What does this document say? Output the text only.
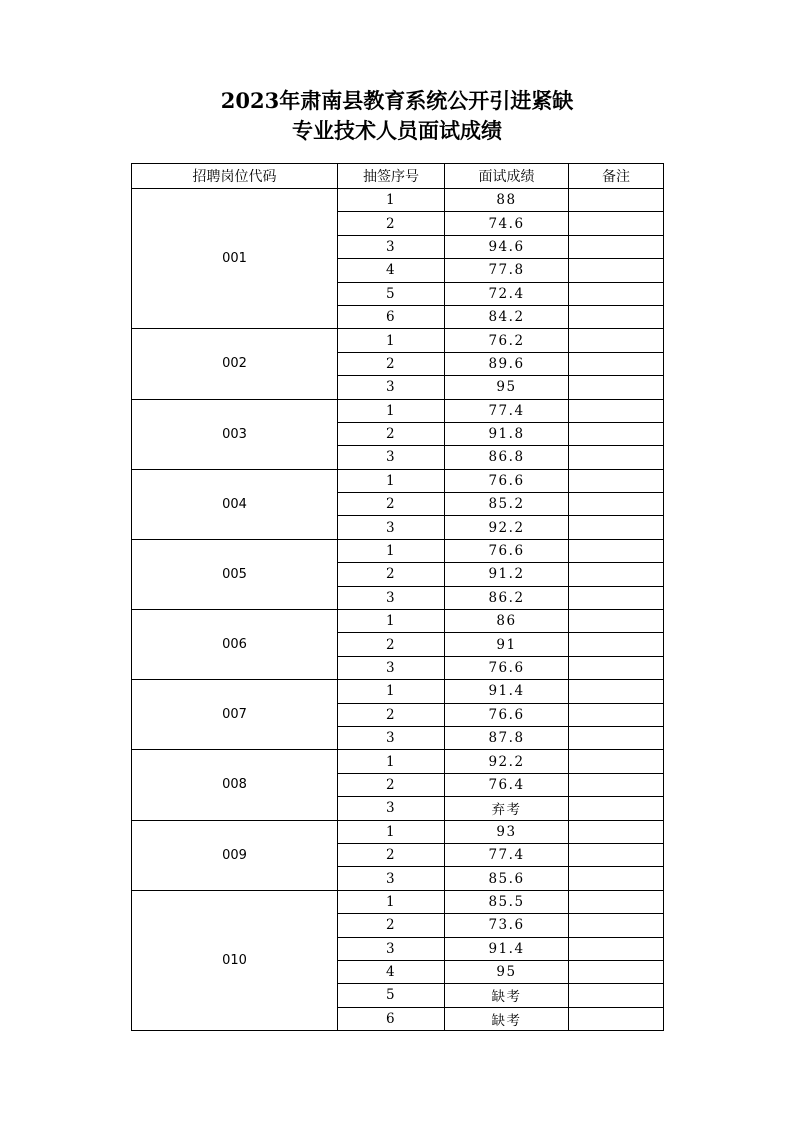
2023年肃南县教育系统公开引进紧缺
专业技术人员面试成绩
招聘岗位代码	抽签序号	面试成绩	备注
001	1	88	
	2	74.6	
	3	94.6	
	4	77.8	
	5	72.4	
	6	84.2	
002	1	76.2	
	2	89.6	
	3	95	
003	1	77.4	
	2	91.8	
	3	86.8	
004	1	76.6	
	2	85.2	
	3	92.2	
005	1	76.6	
	2	91.2	
	3	86.2	
006	1	86	
	2	91	
	3	76.6	
007	1	91.4	
	2	76.6	
	3	87.8	
008	1	92.2	
	2	76.4	
	3	弃考	
009	1	93	
	2	77.4	
	3	85.6	
010	1	85.5	
	2	73.6	
	3	91.4	
	4	95	
	5	缺考	
	6	缺考	
